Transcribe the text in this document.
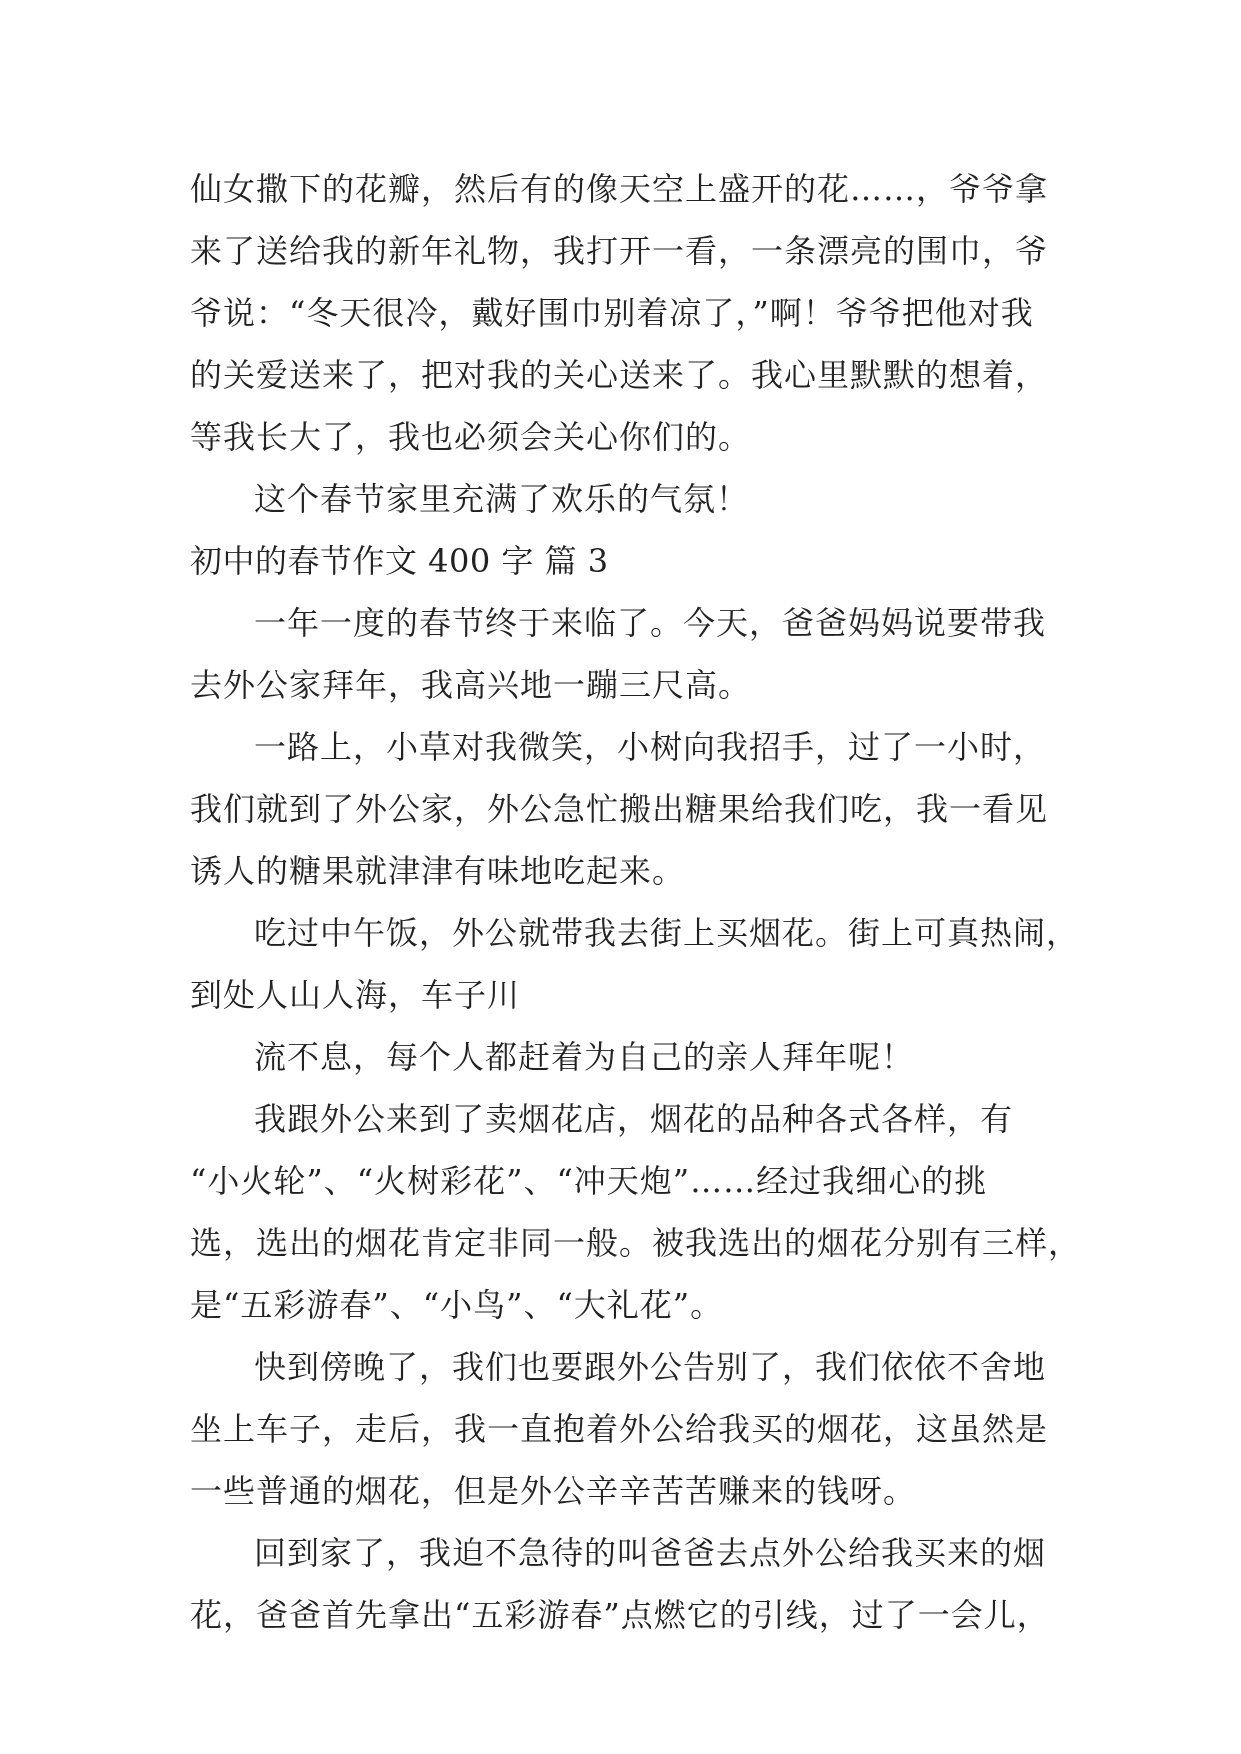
仙女撒下的花瓣，然后有的像天空上盛开的花……，爷爷拿
来了送给我的新年礼物，我打开一看，一条漂亮的围巾，爷
爷说：“冬天很冷，戴好围巾别着凉了，”啊！爷爷把他对我
的关爱送来了，把对我的关心送来了。我心里默默的想着，
等我长大了，我也必须会关心你们的。
这个春节家里充满了欢乐的气氛！
初中的春节作文 400 字 篇 3
一年一度的春节终于来临了。今天，爸爸妈妈说要带我
去外公家拜年，我高兴地一蹦三尺高。
一路上，小草对我微笑，小树向我招手，过了一小时，
我们就到了外公家，外公急忙搬出糖果给我们吃，我一看见
诱人的糖果就津津有味地吃起来。
吃过中午饭，外公就带我去街上买烟花。街上可真热闹，
到处人山人海，车子川
流不息，每个人都赶着为自己的亲人拜年呢！
我跟外公来到了卖烟花店，烟花的品种各式各样，有
“小火轮”、“火树彩花”、“冲天炮”……经过我细心的挑
选，选出的烟花肯定非同一般。被我选出的烟花分别有三样，
是“五彩游春”、“小鸟”、“大礼花”。
快到傍晚了，我们也要跟外公告别了，我们依依不舍地
坐上车子，走后，我一直抱着外公给我买的烟花，这虽然是
一些普通的烟花，但是外公辛辛苦苦赚来的钱呀。
回到家了，我迫不急待的叫爸爸去点外公给我买来的烟
花，爸爸首先拿出“五彩游春”点燃它的引线，过了一会儿，
